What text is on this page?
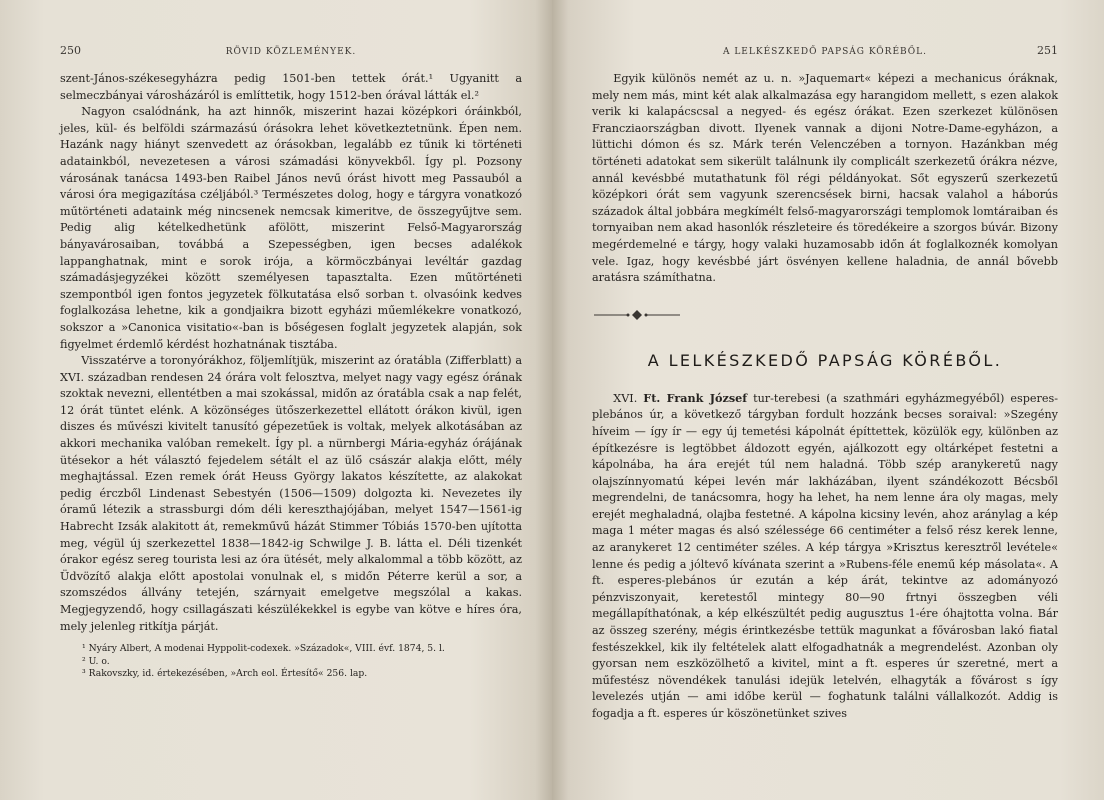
250	RÖVID KÖZLEMÉNYEK.

szent-János-székesegyházra pedig 1501-ben tettek órát.¹ Ugyanitt a selmeczbányai városházáról is említtetik, hogy 1512-ben órával látták el.²

Nagyon csalódnánk, ha azt hinnők, miszerint hazai középkori óráinkból, jeles, kül- és belföldi származású órásokra lehet következtetnünk. Épen nem. Hazánk nagy hiányt szenvedett az órásokban, legalább ez tűnik ki történeti adatainkból, nevezetesen a városi számadási könyvekből. Így pl. Pozsony városának tanácsa 1493-ben Raibel János nevű órást hivott meg Passauból a városi óra megigazítása czéljából.³ Természetes dolog, hogy e tárgyra vonatkozó műtörténeti adataink még nincsenek nemcsak kimeritve, de összegyűjtve sem. Pedig alig kételkedhetünk afölött, miszerint Felső-Magyarország bányavárosaiban, továbbá a Szepességben, igen becses adalékok lappanghatnak, mint e sorok irója, a körmöczbányai levéltár gazdag számadásjegyzékei között személyesen tapasztalta. Ezen műtörténeti szempontból igen fontos jegyzetek fölkutatása első sorban t. olvasóink kedves foglalkozása lehetne, kik a gondjaikra bizott egyházi műemlékekre vonatkozó, sokszor a »Canonica visitatio«-ban is bőségesen foglalt jegyzetek alapján, sok figyelmet érdemlő kérdést hozhatnának tisztába.

Visszatérve a toronyórákhoz, följemlítjük, miszerint az óratábla (Zifferblatt) a XVI. században rendesen 24 órára volt felosztva, melyet nagy vagy egész órának szoktak nevezni, ellentétben a mai szokással, midőn az óratábla csak a nap felét, 12 órát tüntet elénk. A közönséges ütőszerkezettel ellátott órákon kivül, igen diszes és művészi kivitelt tanusító gépezetűek is voltak, melyek alkotásában az akkori mechanika valóban remekelt. Így pl. a nürnbergi Mária-egyház órájának ütésekor a hét választó fejedelem sétált el az ülő császár alakja előtt, mély meghajtással. Ezen remek órát Heuss György lakatos készítette, az alakokat pedig érczből Lindenast Sebestyén (1506—1509) dolgozta ki. Nevezetes ily óramű létezik a strassburgi dóm déli kereszthajójában, melyet 1547—1561-ig Habrecht Izsák alakitott át, remekművű házát Stimmer Tóbiás 1570-ben ujította meg, végül új szerkezettel 1838—1842-ig Schwilge J. B. látta el. Déli tizenkét órakor egész sereg tourista lesi az óra ütését, mely alkalommal a több között, az Üdvözítő alakja előtt apostolai vonulnak el, s midőn Péterre kerül a sor, a szomszédos állvány tetején, szárnyait emelgetve megszólal a kakas. Megjegyzendő, hogy csillagászati készülékekkel is egybe van kötve e híres óra, mely jelenleg ritkítja párját.

¹ Nyáry Albert, A modenai Hyppolit-codexek. »Századok«, VIII. évf. 1874, 5. l.
² U. o.
³ Rakovszky, id. értekezésében, »Arch eol. Értesítő« 256. lap.
A LELKÉSZKEDŐ PAPSÁG KÖRÉBŐL.	251

Egyik különös nemét az u. n. »Jaquemart« képezi a mechanicus óráknak, mely nem más, mint két alak alkalmazása egy harangidom mellett, s ezen alakok verik ki kalapácscsal a negyed- és egész órákat. Ezen szerkezet különösen Francziaországban divott. Ilyenek vannak a dijoni Notre-Dame-egyházon, a lüttichi dómon és sz. Márk terén Velenczében a tornyon. Hazánkban még történeti adatokat sem sikerült találnunk ily complicált szerkezetű órákra nézve, annál kevésbbé mutathatunk föl régi példányokat. Sőt egyszerű szerkezetű középkori órát sem vagyunk szerencsések birni, hacsak valahol a háborús századok által jobbára megkímélt felső-magyarországi templomok lomtáraiban és tornyaiban nem akad hasonlók részleteire és töredékeire a szorgos búvár. Bizony megérdemelné e tárgy, hogy valaki huzamosabb időn át foglalkoznék komolyan vele. Igaz, hogy kevésbbé járt ösvényen kellene haladnia, de annál bővebb aratásra számíthatna.

A LELKÉSZKEDŐ PAPSÁG KÖRÉBŐL.

XVI. Ft. Frank József tur-terebesi (a szathmári egyházmegyéből) esperes-plebános úr, a következő tárgyban fordult hozzánk becses soraival: »Szegény híveim — így ír — egy új temetési kápolnát építtettek, közülök egy, különben az építkezésre is legtöbbet áldozott egyén, ajálkozott egy oltárképet festetni a kápolnába, ha ára erejét túl nem haladná. Több szép aranykeretű nagy olajszínnyomatú képei levén már lakházában, ilyent szándékozott Bécsből megrendelni, de tanácsomra, hogy ha lehet, ha nem lenne ára oly magas, mely erejét meghaladná, olajba festetné. A kápolna kicsiny levén, ahoz aránylag a kép maga 1 méter magas és alsó szélessége 66 centiméter a felső rész kerek lenne, az aranykeret 12 centiméter széles. A kép tárgya »Krisztus keresztről levétele« lenne és pedig a jóltevő kívánata szerint a »Rubens-féle enemű kép másolata«. A ft. esperes-plebános úr ezután a kép árát, tekintve az adományozó pénzviszonyait, keretestől mintegy 80—90 frtnyi összegben véli megállapíthatónak, a kép elkészültét pedig augusztus 1-ére óhajtotta volna. Bár az összeg szerény, mégis érintkezésbe tettük magunkat a fővárosban lakó fiatal festészekkel, kik ily feltételek alatt elfogadhatnák a megrendelést. Azonban oly gyorsan nem eszközölhető a kivitel, mint a ft. esperes úr szeretné, mert a műfestész növendékek tanulási idejük letelvén, elhagyták a fővárost s így levelezés utján — ami időbe kerül — foghatunk találni vállalkozót. Addig is fogadja a ft. esperes úr köszönetünket szives
